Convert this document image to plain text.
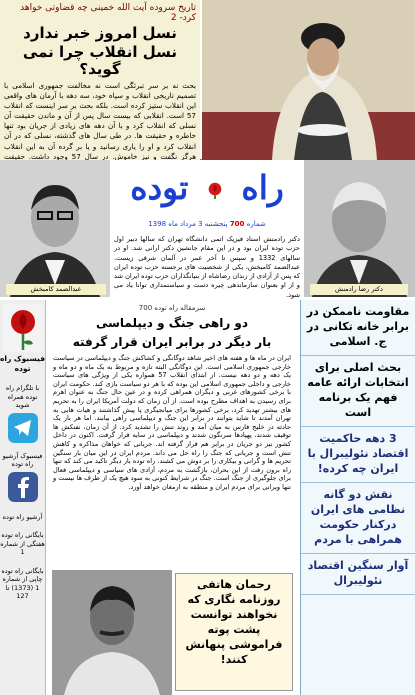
تاریخ سروده آیت الله خمینی چه قضاوتی خواهد کرد- 2
نسل امروز خبر ندارد
نسل انقلاب چرا نمی گوید؟
بحث نه بر سر تبرئگی است نه مخالفت جمهوری اسلامی با تصمیم تاریخی انقلاب و سپاه خود، سه دهه با آرمان های واقعی این انقلاب ستیز کرده است. بلکه بحث بر سر اینست که انقلاب 57 است. انقلابی که بیست سال پس از آن و ماندن حقیقت آن نسلی که انقلاب کرد و با آن دهه های زیادی از جریان بود تنها خاطره و حقیقت ها. در طی سال های گذشته، نسلی که در آن انقلاب کرد و او را یاری رسانید و یا بر گرده آن به این انقلاب هرگز نگفت و نیز خاموش. در سال 57 وجود داشت. حقیقت
عبدالصمد کامبخش
راه  توده
شماره 700 پنجشنبه 3 مرداد ماه 1398
دکتر رادمنش استاد فیزیک اتمی دانشگاه تهران که سالها دبیر اول حزب توده ایران بود و در این مقام جانشین دکتر ارانی شد. او در سالهای 1332 و سپس تا آخر عمر در آلمان شرقی زیست. عبدالصمد کامبخش، یکی از شخصیت های برجسته حزب توده ایران که پس از آزادی از زندان رضاشاه از بنیانگذاران حزب توده ایران شد و از او بعنوان سازماندهی چیره دست و سیاستمداری توانا یاد می شود.
دکتر رضا رادمنش
فیسبوک راه توده
با تلگرام راه توده همراه شوید
فیسبوک آرشیو راه توده
آرشیو راه توده
بایگانی راه توده هفتگی از شماره 1
بایگانی راه توده چاپی از شماره 1 (1373) تا 127
سرمقاله راه توده 700
دو راهی جنگ و دیپلماسی
بار دیگر در برابر ایران قرار گرفته
ایران در ماه ها و هفته های اخیر شاهد دوگانگی و کشاکش جنگ و دیپلماسی در سیاست خارجی جمهوری اسلامی است. این دوگانگی البته تازه و مربوط به یک ماه و دو ماه و یک دهه و دو دهه نیست. از ابتدای انقلاب 57 همواره یکی از ویژگی های سیاست خارجی و داخلی جمهوری اسلامی این بوده که با هر دو سیاست بازی کند. حکومت ایران با برخی کشورهای غربی و دیگران همراهی کرده و در عین حال جنگ به عنوان اهرم برای رسیدن به اهداف مطرح بوده است. از آن زمان که دولت آمریکا ایران را به تحریم های بیشتر تهدید کرد، برخی کشورها برای میانجیگری پا پیش گذاشتند و هیات هایی به تهران آمدند تا شاید بتوانند در برابر این جنگ و دیپلماسی راهی بیابند. اما هر بار یک حادثه در خلیج فارس به میان آمد و روند تنش را تشدید کرد. از آن زمان، نفتکش ها توقیف شدند، پهپادها سرنگون شدند و دیپلماسی در سایه قرار گرفت. اکنون در داخل کشور نیز دو جریان در برابر هم قرار گرفته اند. جریانی که خواهان مذاکره و کاهش تنش است و جریانی که جنگ را راه حل می داند. مردم ایران در این میان بار سنگین تحریم ها و گرانی و بیکاری را بر دوش می کشند. راه توده بار دیگر تاکید می کند که تنها راه برون رفت از این بحران، بازگشت به مردم، آزادی های سیاسی و دیپلماسی فعال برای جلوگیری از جنگ است. جنگ در شرایط کنونی به سود هیچ یک از طرف ها نیست و تنها ویرانی برای مردم ایران و منطقه به ارمغان خواهد آورد.
رحمان هاتفی
روزنامه نگاری که نخواهند توانست پشت پوته فراموشی پنهانش کنند!
مقاومت ناممکن در برابر خانه تکانی در ج. اسلامی
بحث اصلی برای انتخابات ارائه عامه فهم یک برنامه است
3 دهه حاکمیت اقتصاد نئولیبرال با ایران چه کرده!
نقش دو گانه نظامی های ایران درکنار حکومت همراهی با مردم
آوار سنگین اقتصاد نئولیبرال
